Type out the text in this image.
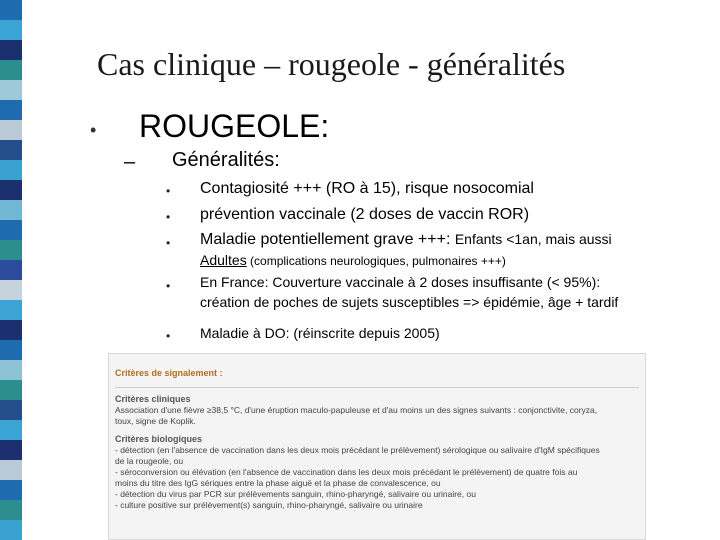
Cas clinique – rougeole - généralités
• ROUGEOLE:
– Généralités:
• Contagiosité +++ (RO à 15), risque nosocomial
• prévention vaccinale (2 doses de vaccin ROR)
• Maladie potentiellement grave +++: Enfants <1an, mais aussi
Adultes (complications neurologiques, pulmonaires +++)
• En France: Couverture vaccinale à 2 doses insuffisante (< 95%):
création de poches de sujets susceptibles => épidémie, âge + tardif
• Maladie à DO: (réinscrite depuis 2005)
Critères de signalement :
Critères cliniques
Association d'une fièvre ≥38,5 °C, d'une éruption maculo-papuleuse et d'au moins un des signes suivants : conjonctivite, coryza,
toux, signe de Koplik.
Critères biologiques
- détection (en l'absence de vaccination dans les deux mois précédant le prélèvement) sérologique ou salivaire d'IgM spécifiques
de la rougeole, ou
- séroconversion ou élévation (en l'absence de vaccination dans les deux mois précédant le prélèvement) de quatre fois au
moins du titre des IgG sériques entre la phase aiguë et la phase de convalescence, ou
- détection du virus par PCR sur prélèvements sanguin, rhino-pharyngé, salivaire ou urinaire, ou
- culture positive sur prélèvement(s) sanguin, rhino-pharyngé, salivaire ou urinaire
